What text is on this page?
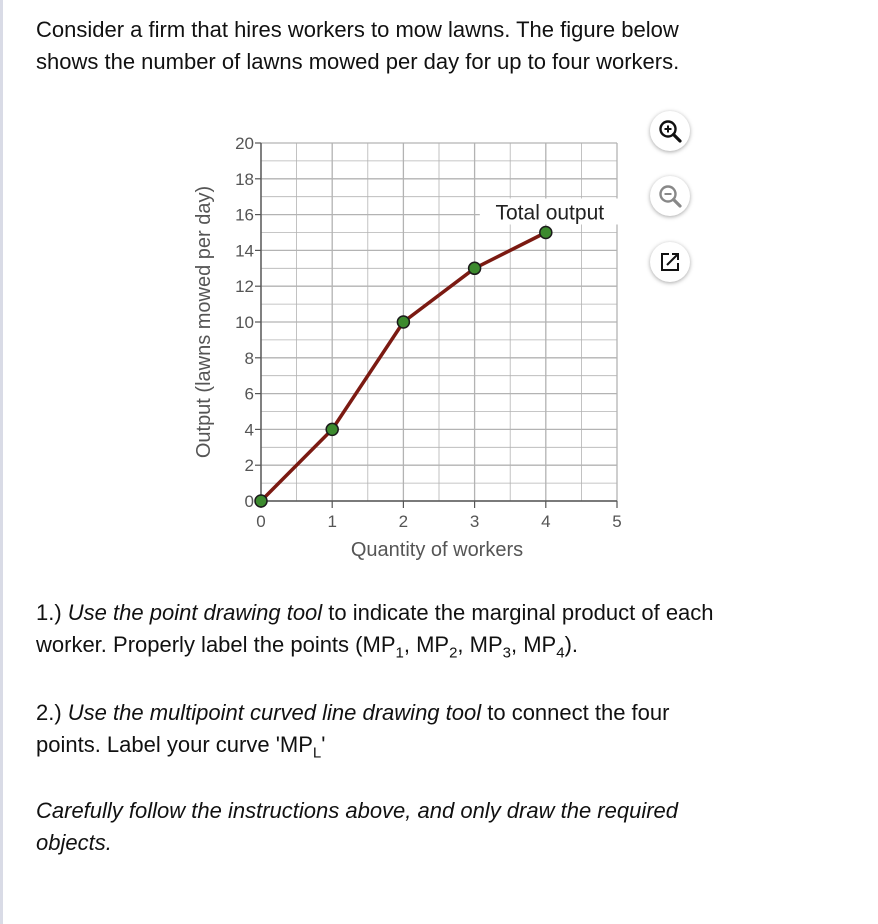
Consider a firm that hires workers to mow lawns. The figure below
shows the number of lawns mowed per day for up to four workers.
0
2
4
6
8
10
12
14
16
18
20
0	1	2	3	4	5
Quantity of workers
Output (lawns mowed per day)	Total output
1.) Use the point drawing tool to indicate the marginal product of each
worker. Properly label the points ($MP_1$, $MP_2$, $MP_3$, $MP_4$).
2.) Use the multipoint curved line drawing tool to connect the four
points. Label your curve '$MP_L$'
Carefully follow the instructions above, and only draw the required
objects.
